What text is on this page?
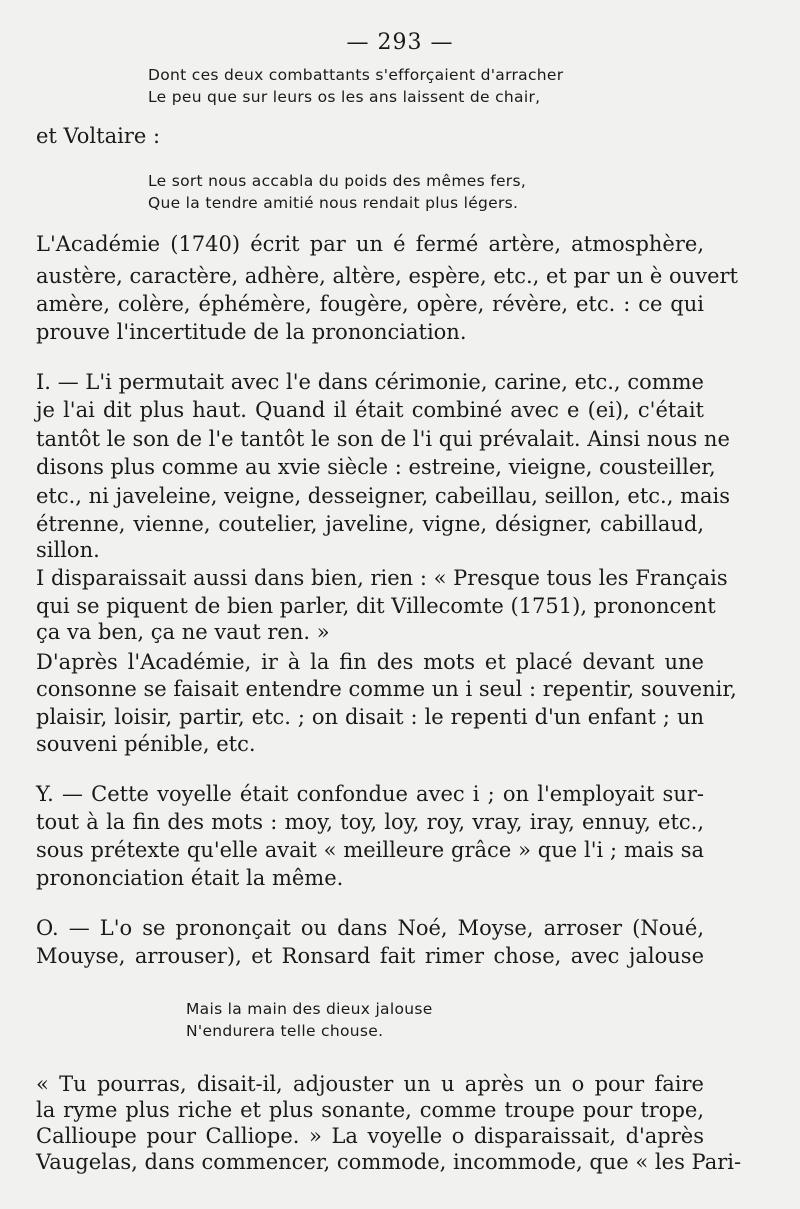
— 293 —
Dont ces deux combattants s'efforçaient d'arracher
Le peu que sur leurs os les ans laissent de chair,
et Voltaire :
Le sort nous accabla du poids des mêmes fers,
Que la tendre amitié nous rendait plus légers.
L'Académie (1740) écrit par un é fermé artère, atmosphère,
austère, caractère, adhère, altère, espère, etc., et par un è ouvert
amère, colère, éphémère, fougère, opère, révère, etc. : ce qui
prouve l'incertitude de la prononciation.
I. — L'i permutait avec l'e dans cérimonie, carine, etc., comme
je l'ai dit plus haut. Quand il était combiné avec e (ei), c'était
tantôt le son de l'e tantôt le son de l'i qui prévalait. Ainsi nous ne
disons plus comme au xvie siècle : estreine, vieigne, cousteiller,
etc., ni javeleine, veigne, desseigner, cabeillau, seillon, etc., mais
étrenne, vienne, coutelier, javeline, vigne, désigner, cabillaud,
sillon.
I disparaissait aussi dans bien, rien : « Presque tous les Français
qui se piquent de bien parler, dit Villecomte (1751), prononcent
ça va ben, ça ne vaut ren. »
D'après l'Académie, ir à la fin des mots et placé devant une
consonne se faisait entendre comme un i seul : repentir, souvenir,
plaisir, loisir, partir, etc. ; on disait : le repenti d'un enfant ; un
souveni pénible, etc.
Y. — Cette voyelle était confondue avec i ; on l'employait sur-
tout à la fin des mots : moy, toy, loy, roy, vray, iray, ennuy, etc.,
sous prétexte qu'elle avait « meilleure grâce » que l'i ; mais sa
prononciation était la même.
O. — L'o se prononçait ou dans Noé, Moyse, arroser (Noué,
Mouyse, arrouser), et Ronsard fait rimer chose, avec jalouse
Mais la main des dieux jalouse
N'endurera telle chouse.
« Tu pourras, disait-il, adjouster un u après un o pour faire
la ryme plus riche et plus sonante, comme troupe pour trope,
Callioupe pour Calliope. » La voyelle o disparaissait, d'après
Vaugelas, dans commencer, commode, incommode, que « les Pari-
